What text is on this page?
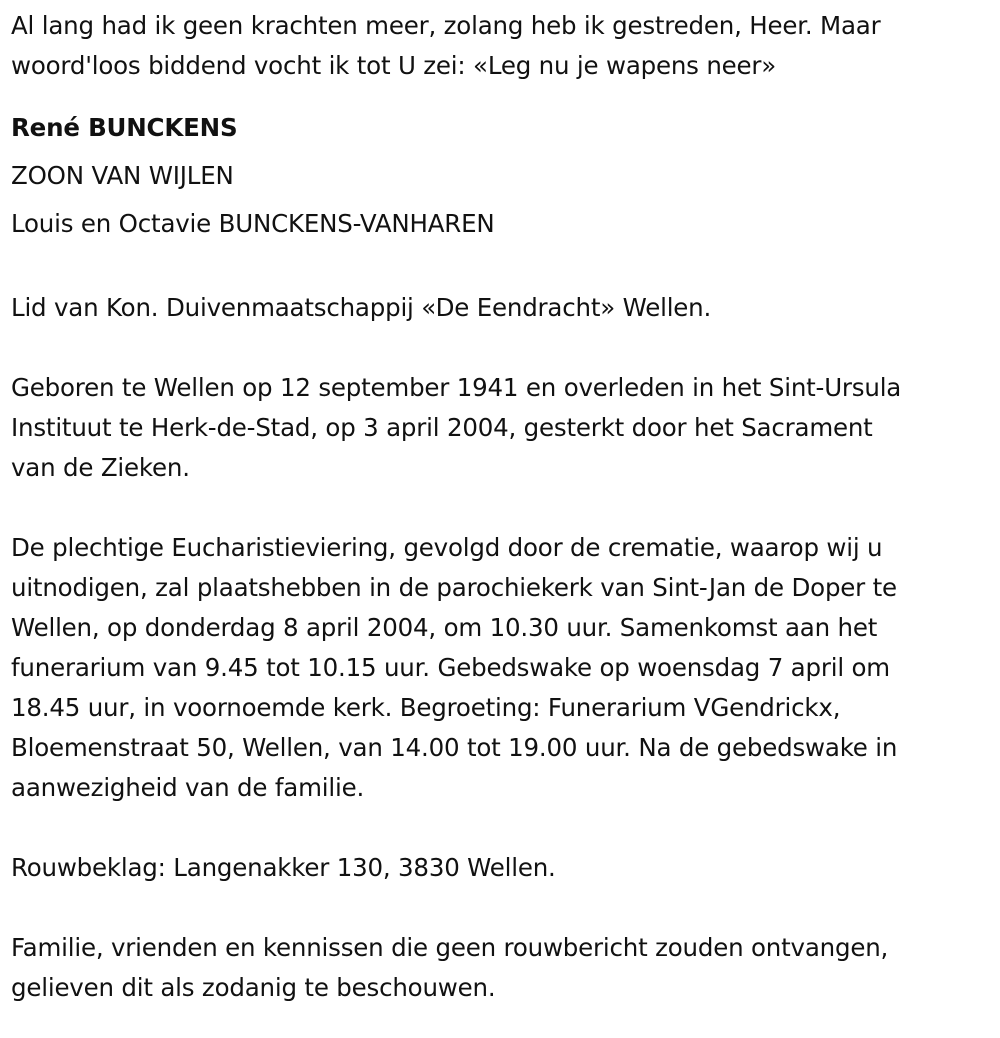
Al lang had ik geen krachten meer, zolang heb ik gestreden, Heer. Maar

woord'loos biddend vocht ik tot U zei: «Leg nu je wapens neer»

René BUNCKENS

ZOON VAN WIJLEN

Louis en Octavie BUNCKENS-VANHAREN

Lid van Kon. Duivenmaatschappij «De Eendracht» Wellen.

Geboren te Wellen op 12 september 1941 en overleden in het Sint-Ursula

Instituut te Herk-de-Stad, op 3 april 2004, gesterkt door het Sacrament

van de Zieken.

De plechtige Eucharistieviering, gevolgd door de crematie, waarop wij u

uitnodigen, zal plaatshebben in de parochiekerk van Sint-Jan de Doper te

Wellen, op donderdag 8 april 2004, om 10.30 uur. Samenkomst aan het

funerarium van 9.45 tot 10.15 uur. Gebedswake op woensdag 7 april om

18.45 uur, in voornoemde kerk. Begroeting: Funerarium VGendrickx,

Bloemenstraat 50, Wellen, van 14.00 tot 19.00 uur. Na de gebedswake in

aanwezigheid van de familie.

Rouwbeklag: Langenakker 130, 3830 Wellen.

Familie, vrienden en kennissen die geen rouwbericht zouden ontvangen,

gelieven dit als zodanig te beschouwen.
